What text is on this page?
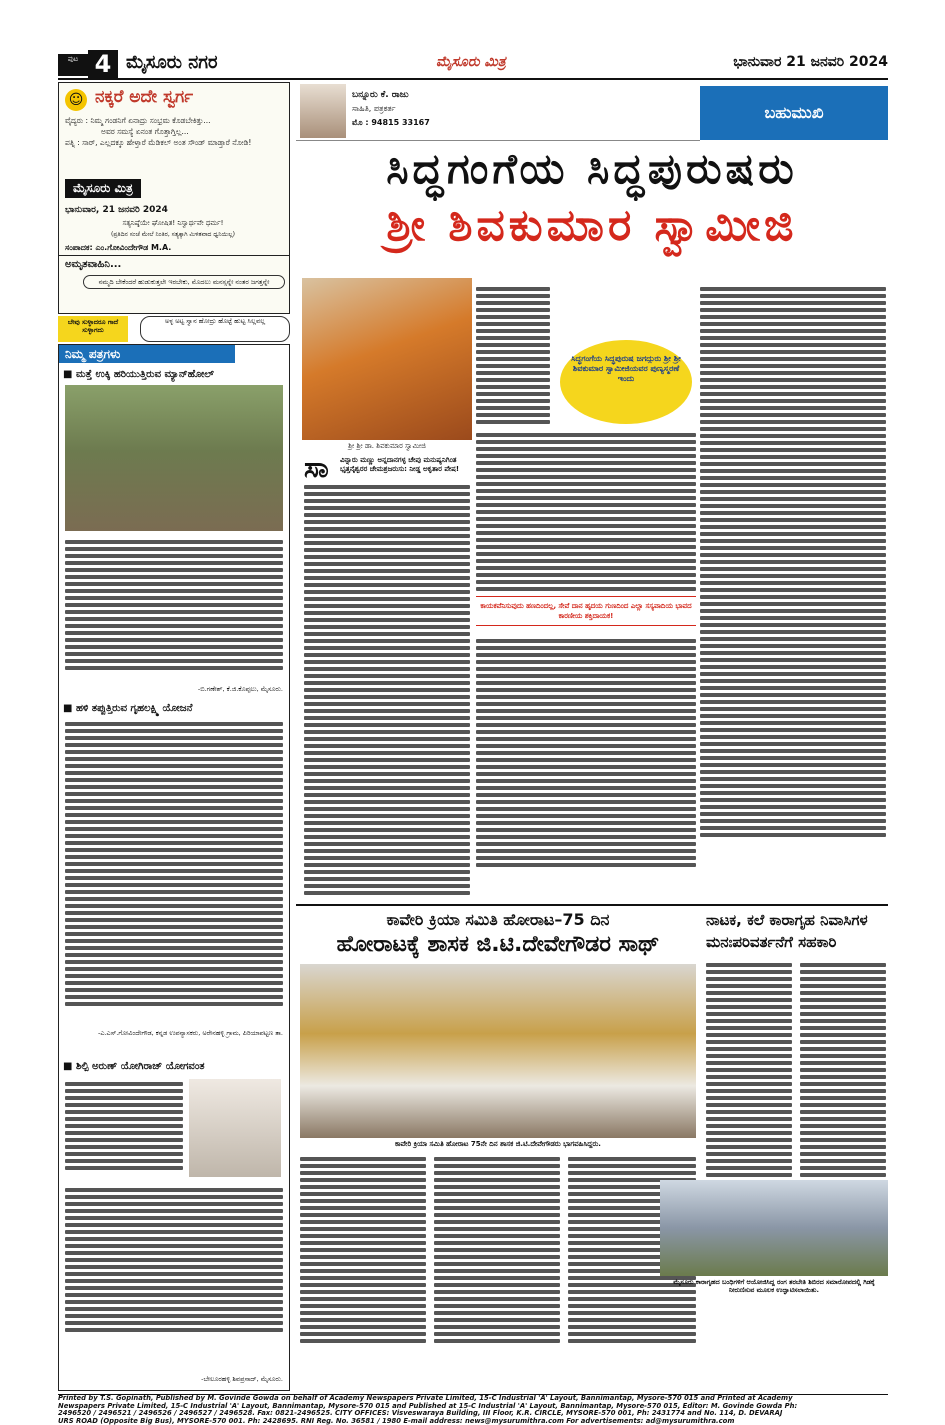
ಪುಟ 4 ಮೈಸೂರು ನಗರ	ಮೈಸೂರು ಮಿತ್ರ	ಭಾನುವಾರ 21 ಜನವರಿ 2024
☺ ನಕ್ಕರೆ ಅದೇ ಸ್ವರ್ಗ
ವೈದ್ಯರು : ನಿಮ್ಮ ಗಂಡನಿಗೆ ಏನಾದ್ರು ಸಂಭ್ರಮ ಕೊಡಬೇಕಿತ್ತು...
ಅವರ ಸಮಸ್ಯೆ ಏನಂತ ಗೊತ್ತಾಗ್ತಿಲ್ಲ...
ಪತ್ನಿ : ಸಾರ್, ಎಲ್ಲದಕ್ಕೂ ಹೇಳ್ತಾರೆ ಮೆಡಿಕಲ್ ಅಂತ ಸೌಂಡ್ ಮಾಡ್ತಾರೆ ನೋಡಿ!
ಮೈಸೂರು ಮಿತ್ರ
ಭಾನುವಾರ, 21 ಜನವರಿ 2024
ಸತ್ಯನಿಷ್ಠೆಯೇ ಘೋಷಿತ! ನಿಸ್ವಾರ್ಥವೇ ಧರ್ಮ!
(ಪ್ರತಿದಿನ ಸಂಜೆ ಮೇಲೆ ನಿಂತಿರ, ಸತ್ಯಕ್ಕಾಗಿ ಮಿಳಿತವಾದ ಧ್ವನಿಯಿಲ್ಲ)
ಸಂಪಾದಕ: ಎಂ.ಗೋವಿಂದೇಗೌಡ M.A.
ಅಮೃತವಾಹಿನಿ...
ನಮ್ಮದಿ ಬೇಕೆಂದರೆ ಹುಡುಕುತ್ತಲೇ ಇರಬೇಕು, ಮೊದಲು ಮನಸ್ಸನ್ನೇ ನಂತರ ಜಗತ್ತನ್ನೇ
ಬೇವು ಸುಳ್ಳಾದರೂ ಗಾದೆ ಸುಳ್ಳಾಗದು
ಅಳ್ಳ ಅಟ್ಟ ಸ್ವಾನ ಹೋದ್ರು ಹೊಟ್ಟೆ ಹುಟ್ಟ ಸಿಲ್ಲವಲ್ಲ
ನಿಮ್ಮ ಪತ್ರಗಳು
■ ಮತ್ತೆ ಉಕ್ಕಿ ಹರಿಯುತ್ತಿರುವ ಮ್ಯಾನ್‌ಹೋಲ್
-ಬಿ.ಗಣೇಶ್, ಕೆ.ಜಿ.ಕೊಪ್ಪಲು, ಮೈಸೂರು.
■ ಹಳಿ ತಪ್ಪುತ್ತಿರುವ ಗೃಹಲಕ್ಷ್ಮಿ ಯೋಜನೆ
-ಎ.ಎಸ್.ಗೋವಿಂದೇಗೌಡ, ಕನ್ನಡ ಉಪನ್ಯಾಸಕರು, ಅರೇನಹಳ್ಳಿ ಗ್ರಾಮ, ಪಿರಿಯಾಪಟ್ಟಣ ತಾ.
■ ಶಿಲ್ಪಿ ಅರುಣ್ ಯೋಗಿರಾಜ್ ಯೋಗವಂತ
-ಬೇಲೂರಹಳ್ಳಿ ಶಿವಪ್ರಸಾದ್, ಮೈಸೂರು.
ಬನ್ನೂರು ಕೆ. ರಾಜು
ಸಾಹಿತಿ, ಪತ್ರಕರ್ತ
ಮೊ : 94815 33167
ಬಹುಮುಖಿ
ಸಿದ್ಧಗಂಗೆಯ ಸಿದ್ಧಪುರುಷರು
ಶ್ರೀ ಶಿವಕುಮಾರ ಸ್ವಾಮೀಜಿ
ಶ್ರೀ ಶ್ರೀ ಡಾ. ಶಿವಕುಮಾರ ಸ್ವಾಮೀಜಿ
ಸಿದ್ಧಗಂಗೆಯ ಸಿದ್ಧಪುರುಷ ಜಗದ್ಗುರು ಶ್ರೀ ಶ್ರೀ ಶಿವಕುಮಾರ ಸ್ವಾಮೀಜಿಯವರ ಪುಣ್ಯಸ್ಮರಣೆ ಇಂದು
ಸಾ ವಿನ್ನಾರು ಮಣ್ಣು ಅನ್ನದಾನಗಳ್ಳ ಚೇಪು ಮನುಷ್ಯನಿಗಿಂತ ಭೃತ್ತನೈಶ್ವರರ ಚೇಮಶ್ರಜರುಸು: ನೀಡ್ಡ ಅಕೃತಾರ ಪೇಷ!
ಕಾಯಕವೆನಿಸುವುದು ಹಣದಿಂದಲ್ಲ, ಸೇವೆ ದಾನ ಹೃದಯ ಗುಣದಿಂದ ಎಲ್ಲಾ ಸಸ್ಯವಾದಿಯ ಭಾವದ ಕಾರಣೀಯ ಶಕ್ತಿದಾಯಕ!
ಕಾವೇರಿ ಕ್ರಿಯಾ ಸಮಿತಿ ಹೋರಾಟ–75 ದಿನ
ಹೋರಾಟಕ್ಕೆ ಶಾಸಕ ಜಿ.ಟಿ.ದೇವೇಗೌಡರ ಸಾಥ್
ಕಾವೇರಿ ಕ್ರಿಯಾ ಸಮಿತಿ ಹೋರಾಟ 75ನೇ ದಿನ ಶಾಸಕ ಜಿ.ಟಿ.ದೇವೇಗೌಡರು ಭಾಗವಹಿಸಿದ್ದರು.
ನಾಟಕ, ಕಲೆ ಕಾರಾಗೃಹ ನಿವಾಸಿಗಳ
ಮನಃಪರಿವರ್ತನೆಗೆ ಸಹಕಾರಿ
ಮೈಸೂರು ಕಾರಾಗೃಹದ ಬಂಧಿಗಳಿಗೆ ಆಯೋಜಿಸಿದ್ದ ರಂಗ ತರಬೇತಿ ಶಿಬಿರದ ಸಮಾರೋಪದಲ್ಲಿ ಗಿಡಕ್ಕೆ ನೀರುಣಿಸುವ ಮೂಲಕ ಉದ್ಘಾಟಿಸಲಾಯಿತು.
Printed by T.S. Gopinath, Published by M. Govinde Gowda on behalf of Academy Newspapers Private Limited, 15-C Industrial 'A' Layout, Bannimantap, Mysore-570 015 and Printed at Academy
Newspapers Private Limited, 15-C Industrial 'A' Layout, Bannimantap, Mysore-570 015 and Published at 15-C Industrial 'A' Layout, Bannimantap, Mysore-570 015, Editor: M. Govinde Gowda Ph:
2496520 / 2496521 / 2496526 / 2496527 / 2496528. Fax: 0821-2496525. CITY OFFICES: Visveswaraya Building, III Floor, K.R. CIRCLE, MYSORE-570 001, Ph: 2431774 and No. 114, D. DEVARAJ
URS ROAD (Opposite Big Bus), MYSORE-570 001. Ph: 2428695. RNI Reg. No. 36581 / 1980 E-mail address: news@mysurumithra.com For advertisements: ad@mysurumithra.com
